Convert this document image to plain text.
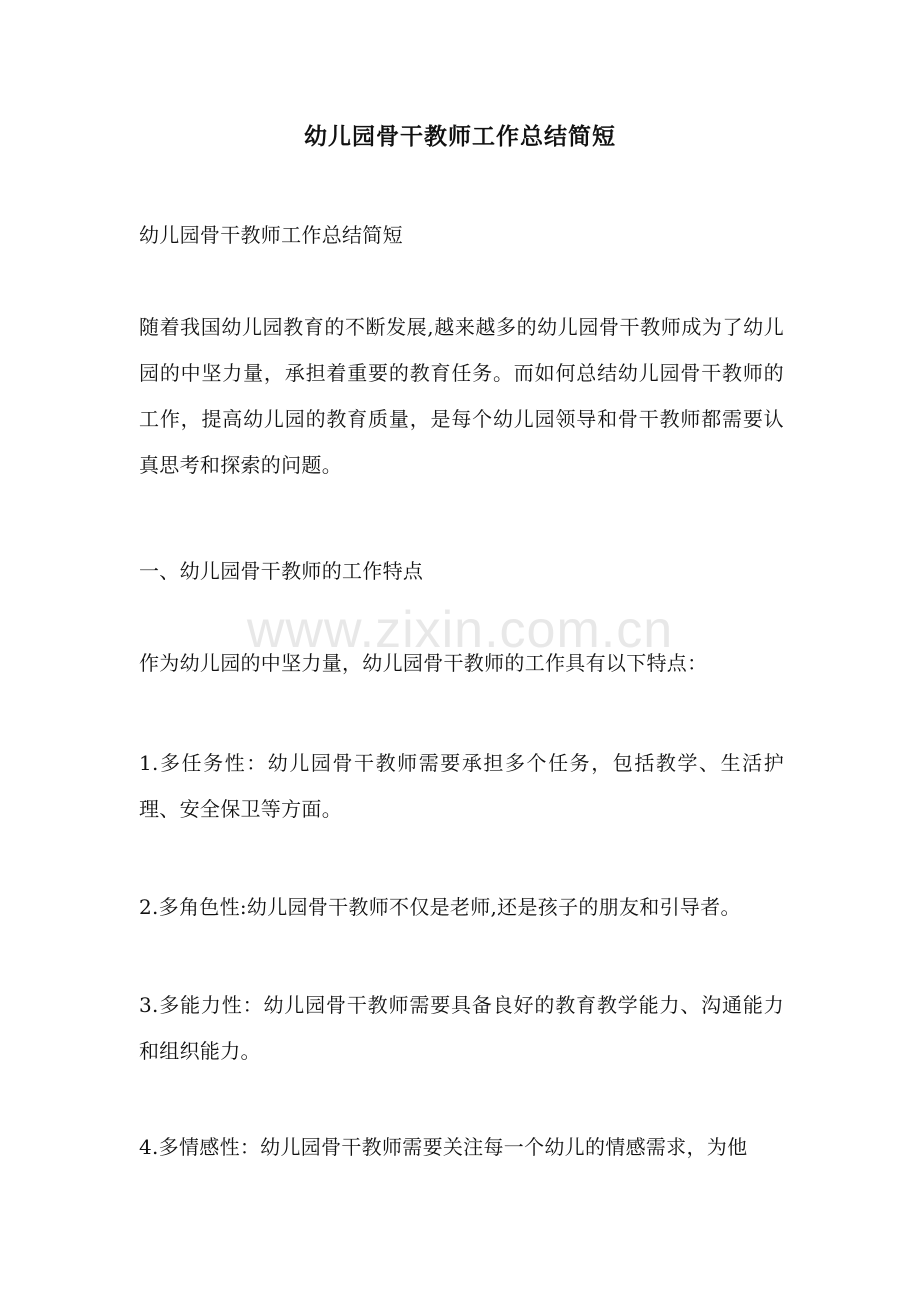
幼儿园骨干教师工作总结简短

幼儿园骨干教师工作总结简短

随着我国幼儿园教育的不断发展,越来越多的幼儿园骨干教师成为了幼儿园的中坚力量，承担着重要的教育任务。而如何总结幼儿园骨干教师的工作，提高幼儿园的教育质量，是每个幼儿园领导和骨干教师都需要认真思考和探索的问题。

一、幼儿园骨干教师的工作特点

作为幼儿园的中坚力量，幼儿园骨干教师的工作具有以下特点：

1.多任务性：幼儿园骨干教师需要承担多个任务，包括教学、生活护理、安全保卫等方面。

2.多角色性:幼儿园骨干教师不仅是老师,还是孩子的朋友和引导者。

3.多能力性：幼儿园骨干教师需要具备良好的教育教学能力、沟通能力和组织能力。

4.多情感性：幼儿园骨干教师需要关注每一个幼儿的情感需求，为他

www.zixin.com.cn
